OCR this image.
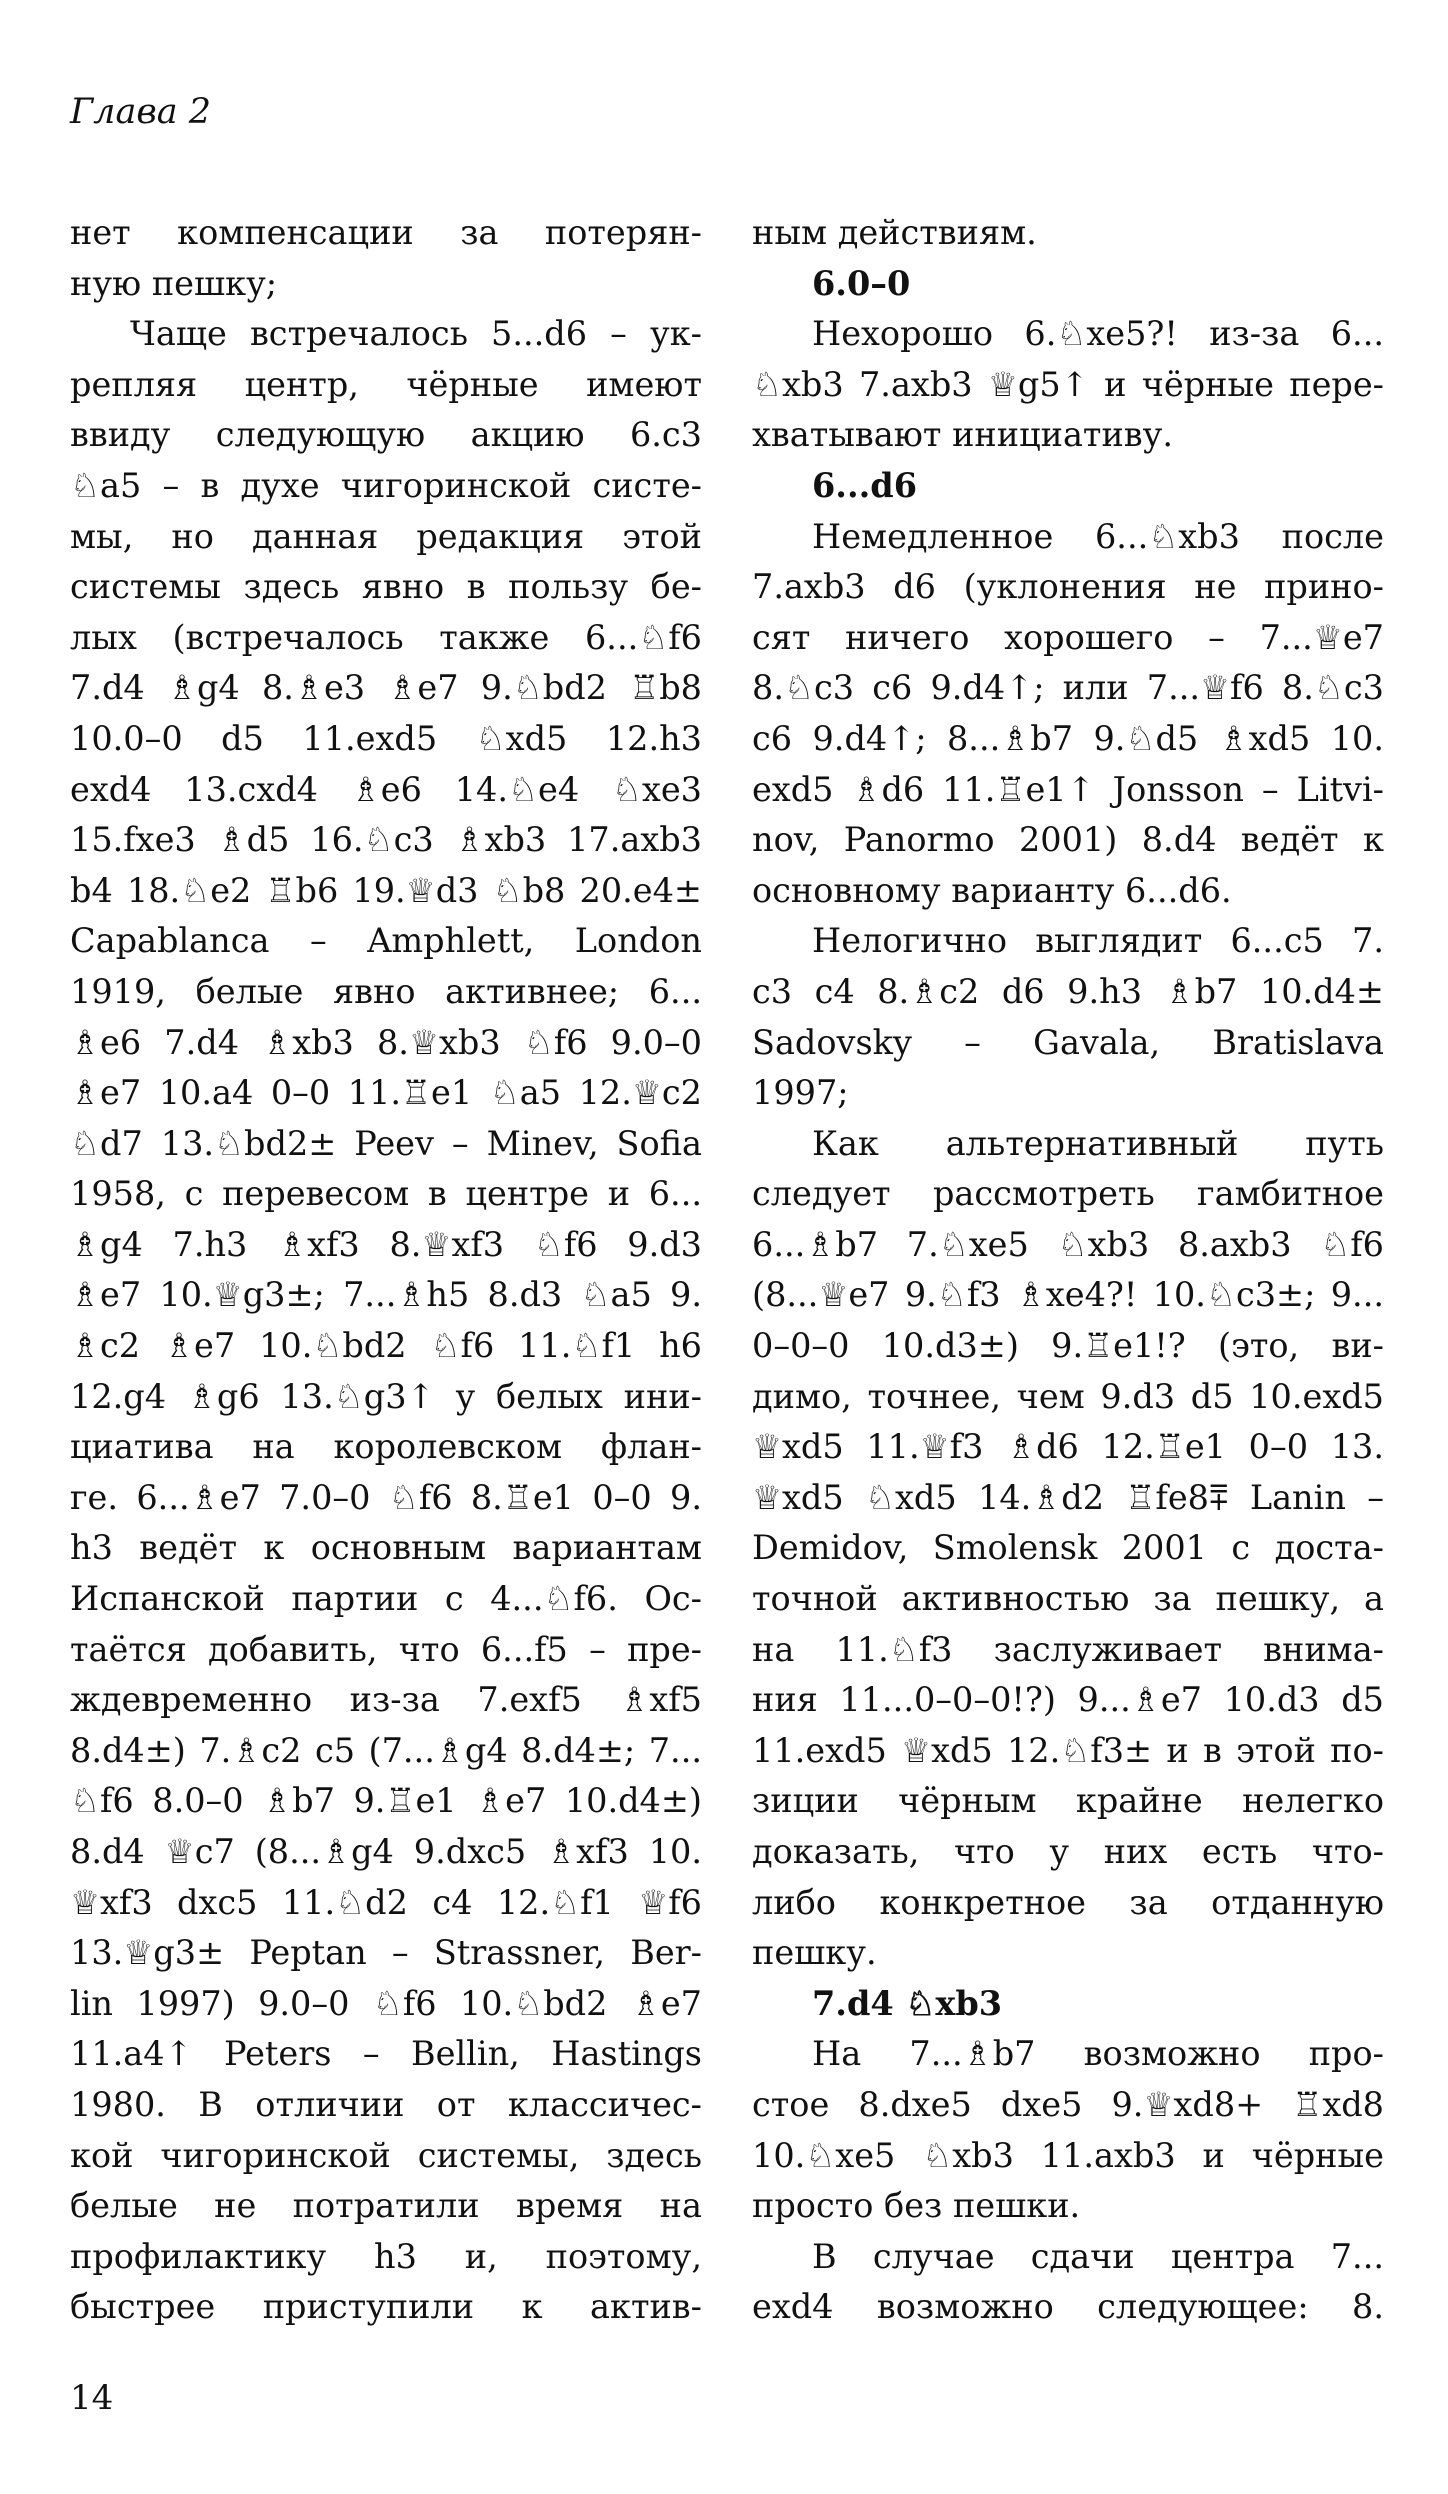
Глава 2
нет компенсации за потерян-
ную пешку;
Чаще встречалось 5...d6 – ук-
репляя центр, чёрные имеют
ввиду следующую акцию 6.с3
♘а5 – в духе чигоринской систе-
мы, но данная редакция этой
системы здесь явно в пользу бе-
лых (встречалось также 6...♘f6
7.d4 ♗g4 8.♗e3 ♗e7 9.♘bd2 ♖b8
10.0–0 d5 11.exd5 ♘xd5 12.h3
exd4 13.cxd4 ♗e6 14.♘e4 ♘xe3
15.fxe3 ♗d5 16.♘c3 ♗xb3 17.axb3
b4 18.♘e2 ♖b6 19.♕d3 ♘b8 20.e4±
Capablanca – Amphlett, London
1919, белые явно активнее; 6...
♗e6 7.d4 ♗xb3 8.♕xb3 ♘f6 9.0–0
♗e7 10.a4 0–0 11.♖e1 ♘a5 12.♕c2
♘d7 13.♘bd2± Peev – Minev, Sofia
1958, с перевесом в центре и 6...
♗g4 7.h3 ♗xf3 8.♕xf3 ♘f6 9.d3
♗e7 10.♕g3±; 7...♗h5 8.d3 ♘a5 9.
♗c2 ♗e7 10.♘bd2 ♘f6 11.♘f1 h6
12.g4 ♗g6 13.♘g3↑ у белых ини-
циатива на королевском флан-
ге. 6...♗e7 7.0–0 ♘f6 8.♖e1 0–0 9.
h3 ведёт к основным вариантам
Испанской партии с 4...♘f6. Ос-
таётся добавить, что 6...f5 – пре-
ждевременно из-за 7.exf5 ♗xf5
8.d4±) 7.♗c2 c5 (7...♗g4 8.d4±; 7...
♘f6 8.0–0 ♗b7 9.♖e1 ♗e7 10.d4±)
8.d4 ♕c7 (8...♗g4 9.dxc5 ♗xf3 10.
♕xf3 dxc5 11.♘d2 c4 12.♘f1 ♕f6
13.♕g3± Peptan – Strassner, Ber-
lin 1997) 9.0–0 ♘f6 10.♘bd2 ♗e7
11.a4↑ Peters – Bellin, Hastings
1980. В отличии от классичес-
кой чигоринской системы, здесь
белые не потратили время на
профилактику h3 и, поэтому,
быстрее приступили к актив-
ным действиям.
6.0–0
Нехорошо 6.♘xe5?! из-за 6...
♘xb3 7.axb3 ♕g5↑ и чёрные пере-
хватывают инициативу.
6...d6
Немедленное 6...♘xb3 после
7.axb3 d6 (уклонения не прино-
сят ничего хорошего – 7...♕e7
8.♘c3 c6 9.d4↑; или 7...♕f6 8.♘c3
c6 9.d4↑; 8...♗b7 9.♘d5 ♗xd5 10.
exd5 ♗d6 11.♖e1↑ Jonsson – Litvi-
nov, Panormo 2001) 8.d4 ведёт к
основному варианту 6...d6.
Нелогично выглядит 6...c5 7.
c3 c4 8.♗c2 d6 9.h3 ♗b7 10.d4±
Sadovsky – Gavala, Bratislava
1997;
Как альтернативный путь
следует рассмотреть гамбитное
6...♗b7 7.♘xe5 ♘xb3 8.axb3 ♘f6
(8...♕e7 9.♘f3 ♗xe4?! 10.♘c3±; 9...
0–0–0 10.d3±) 9.♖e1!? (это, ви-
димо, точнее, чем 9.d3 d5 10.exd5
♕xd5 11.♕f3 ♗d6 12.♖e1 0–0 13.
♕xd5 ♘xd5 14.♗d2 ♖fe8⩱ Lanin –
Demidov, Smolensk 2001 с доста-
точной активностью за пешку, а
на 11.♘f3 заслуживает внима-
ния 11...0–0–0!?) 9...♗e7 10.d3 d5
11.exd5 ♕xd5 12.♘f3± и в этой по-
зиции чёрным крайне нелегко
доказать, что у них есть что-
либо конкретное за отданную
пешку.
7.d4 ♘xb3
На 7...♗b7 возможно про-
стое 8.dxe5 dxe5 9.♕xd8+ ♖xd8
10.♘xe5 ♘xb3 11.axb3 и чёрные
просто без пешки.
В случае сдачи центра 7...
exd4 возможно следующее: 8.

14
